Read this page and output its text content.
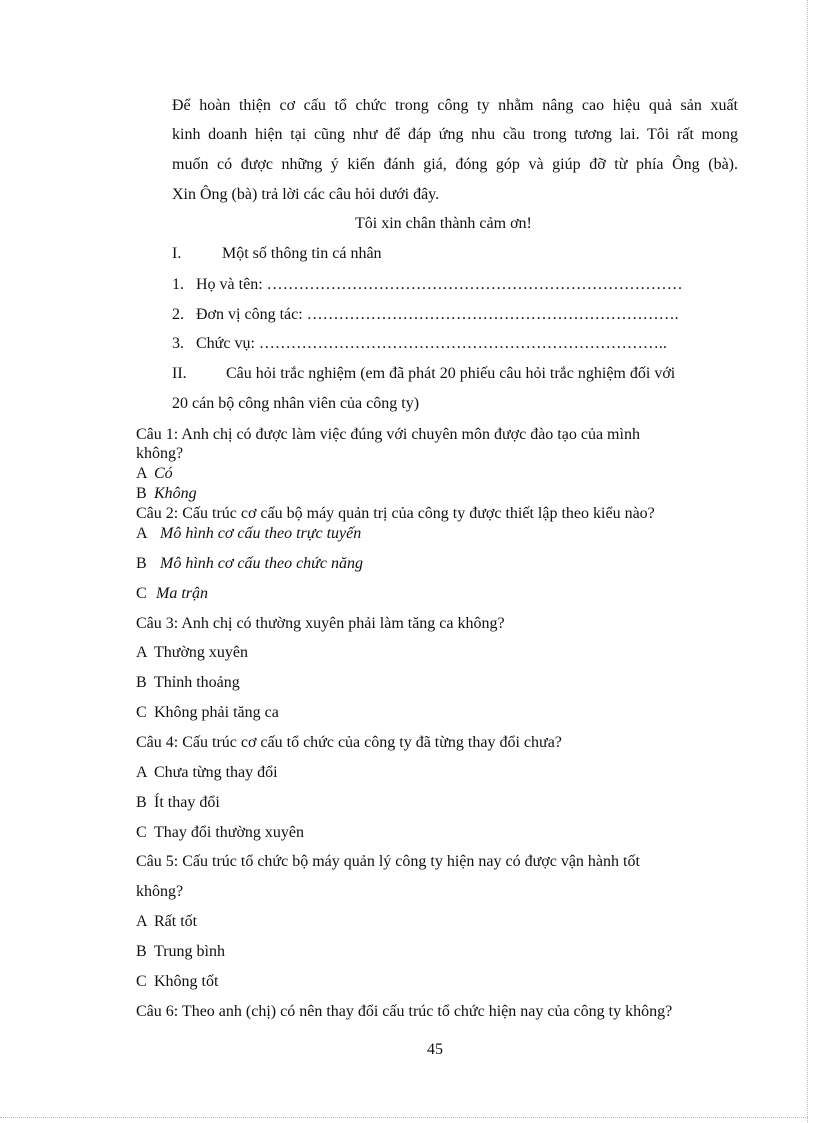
Để hoàn thiện cơ cấu tổ chức trong công ty nhằm nâng cao hiệu quả sản xuất
kinh doanh hiện tại cũng như để đáp ứng nhu cầu trong tương lai. Tôi rất mong
muốn có được những ý kiến đánh giá, đóng góp và giúp đỡ từ phía Ông (bà).
Xin Ông (bà) trả lời các câu hỏi dưới đây.
Tôi xin chân thành cảm ơn!
I.	Một số thông tin cá nhân
1. Họ và tên: ……………………………………………………………………
2. Đơn vị công tác: …………………………………………………………….
3. Chức vụ: …………………………………………………………………..
II. Câu hỏi trắc nghiệm (em đã phát 20 phiếu câu hỏi trắc nghiệm đối với
20 cán bộ công nhân viên của công ty)
Câu 1: Anh chị có được làm việc đúng với chuyên môn được đào tạo của mình
không?
A Có
B Không
Câu 2: Cấu trúc cơ cấu bộ máy quản trị của công ty được thiết lập theo kiểu nào?
A Mô hình cơ cấu theo trực tuyến
B Mô hình cơ cấu theo chức năng
C Ma trận
Câu 3: Anh chị có thường xuyên phải làm tăng ca không?
A Thường xuyên
B Thỉnh thoảng
C Không phải tăng ca
Câu 4: Cấu trúc cơ cấu tổ chức của công ty đã từng thay đổi chưa?
A Chưa từng thay đổi
B Ít thay đổi
C Thay đổi thường xuyên
Câu 5: Cấu trúc tổ chức bộ máy quản lý công ty hiện nay có được vận hành tốt
không?
A Rất tốt
B Trung bình
C Không tốt
Câu 6: Theo anh (chị) có nên thay đổi cấu trúc tổ chức hiện nay của công ty không?
45
